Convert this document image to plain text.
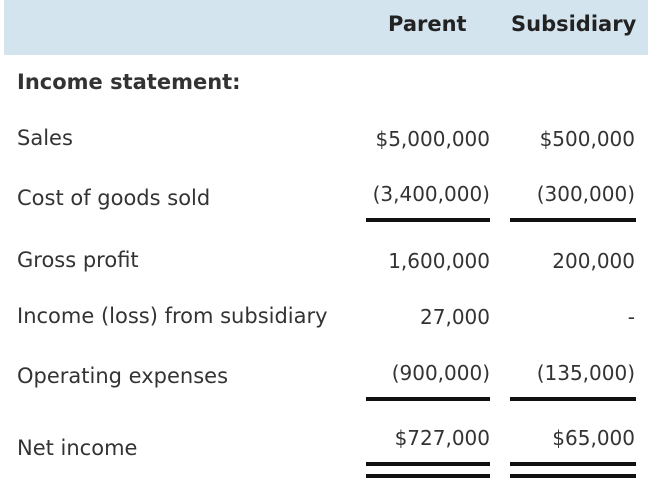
Parent Subsidiary
Income statement:
Sales	$5,000,000 $500,000
Cost of goods sold	(3,400,000) (300,000)
Gross profit	1,600,000	200,000
Income (loss) from subsidiary	27,000	-
Operating expenses	(900,000) (135,000)
Net income	$727,000	$65,000
